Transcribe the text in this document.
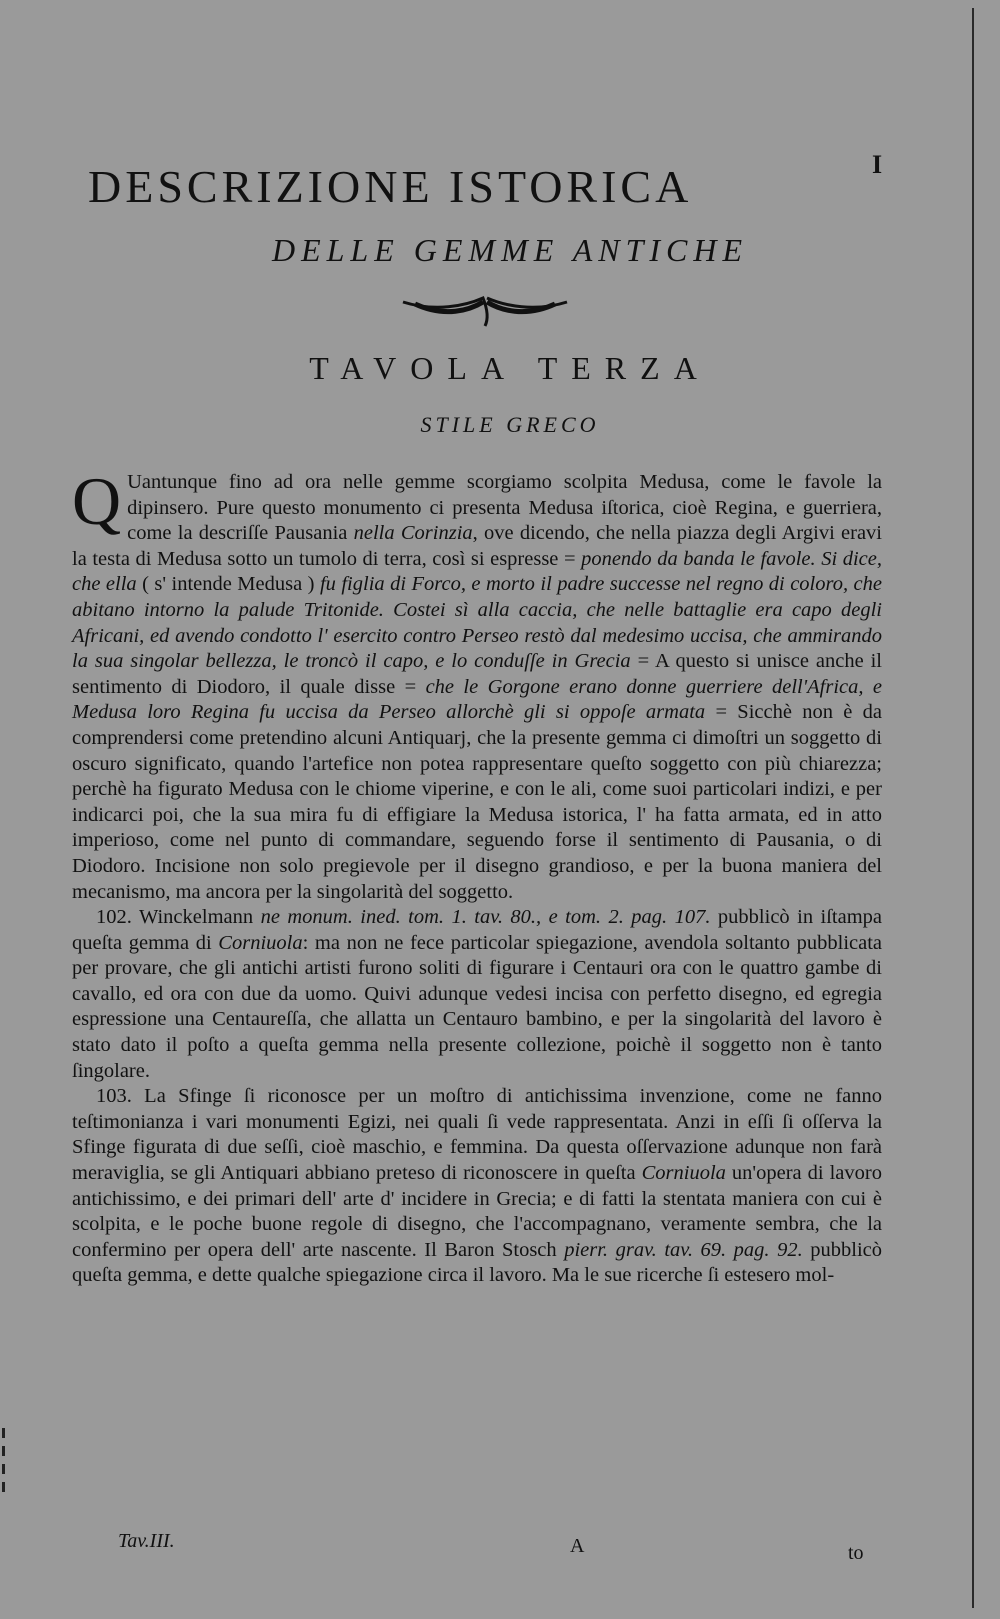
I
DESCRIZIONE ISTORICA
DELLE GEMME ANTICHE
TAVOLA TERZA
STILE GRECO

Q Uantunque fino ad ora nelle gemme scorgiamo scolpita Medusa, come le favole la dipinsero. Pure questo monumento ci presenta Medusa iſtorica, cioè Regina, e guerriera, come la descriſſe Pausania nella Corinzia, ove dicendo, che nella piazza degli Argivi eravi la testa di Medusa sotto un tumolo di terra, così si espresse = ponendo da banda le favole. Si dice, che ella ( s' intende Medusa ) fu figlia di Forco, e morto il padre successe nel regno di coloro, che abitano intorno la palude Tritonide. Costei sì alla caccia, che nelle battaglie era capo degli Africani, ed avendo condotto l' esercito contro Perseo restò dal medesimo uccisa, che ammirando la sua singolar bellezza, le troncò il capo, e lo conduſſe in Grecia = A questo si unisce anche il sentimento di Diodoro, il quale disse = che le Gorgone erano donne guerriere dell'Africa, e Medusa loro Regina fu uccisa da Perseo allorchè gli si oppoſe armata = Sicchè non è da comprendersi come pretendino alcuni Antiquarj, che la presente gemma ci dimoſtri un soggetto di oscuro significato, quando l'artefice non potea rappresentare queſto soggetto con più chiarezza; perchè ha figurato Medusa con le chiome viperine, e con le ali, come suoi particolari indizi, e per indicarci poi, che la sua mira fu di effigiare la Medusa istorica, l' ha fatta armata, ed in atto imperioso, come nel punto di commandare, seguendo forse il sentimento di Pausania, o di Diodoro. Incisione non solo pregievole per il disegno grandioso, e per la buona maniera del mecanismo, ma ancora per la singolarità del soggetto.

102. Winckelmann ne monum. ined. tom. 1. tav. 80., e tom. 2. pag. 107. pubblicò in iſtampa queſta gemma di Corniuola: ma non ne fece particolar spiegazione, avendola soltanto pubblicata per provare, che gli antichi artisti furono soliti di figurare i Centauri ora con le quattro gambe di cavallo, ed ora con due da uomo. Quivi adunque vedesi incisa con perfetto disegno, ed egregia espressione una Centaureſſa, che allatta un Centauro bambino, e per la singolarità del lavoro è stato dato il poſto a queſta gemma nella presente collezione, poichè il soggetto non è tanto ſingolare.

103. La Sfinge ſi riconosce per un moſtro di antichissima invenzione, come ne fanno teſtimonianza i vari monumenti Egizi, nei quali ſi vede rappresentata. Anzi in eſſi ſi oſſerva la Sfinge figurata di due seſſi, cioè maschio, e femmina. Da questa oſſervazione adunque non farà meraviglia, se gli Antiquari abbiano preteso di riconoscere in queſta Corniuola un'opera di lavoro antichissimo, e dei primari dell' arte d' incidere in Grecia; e di fatti la stentata maniera con cui è scolpita, e le poche buone regole di disegno, che l'accompagnano, veramente sembra, che la confermino per opera dell' arte nascente. Il Baron Stosch pierr. grav. tav. 69. pag. 92. pubblicò queſta gemma, e dette qualche spiegazione circa il lavoro. Ma le sue ricerche ſi estesero mol-

Tav.III.	A	to
